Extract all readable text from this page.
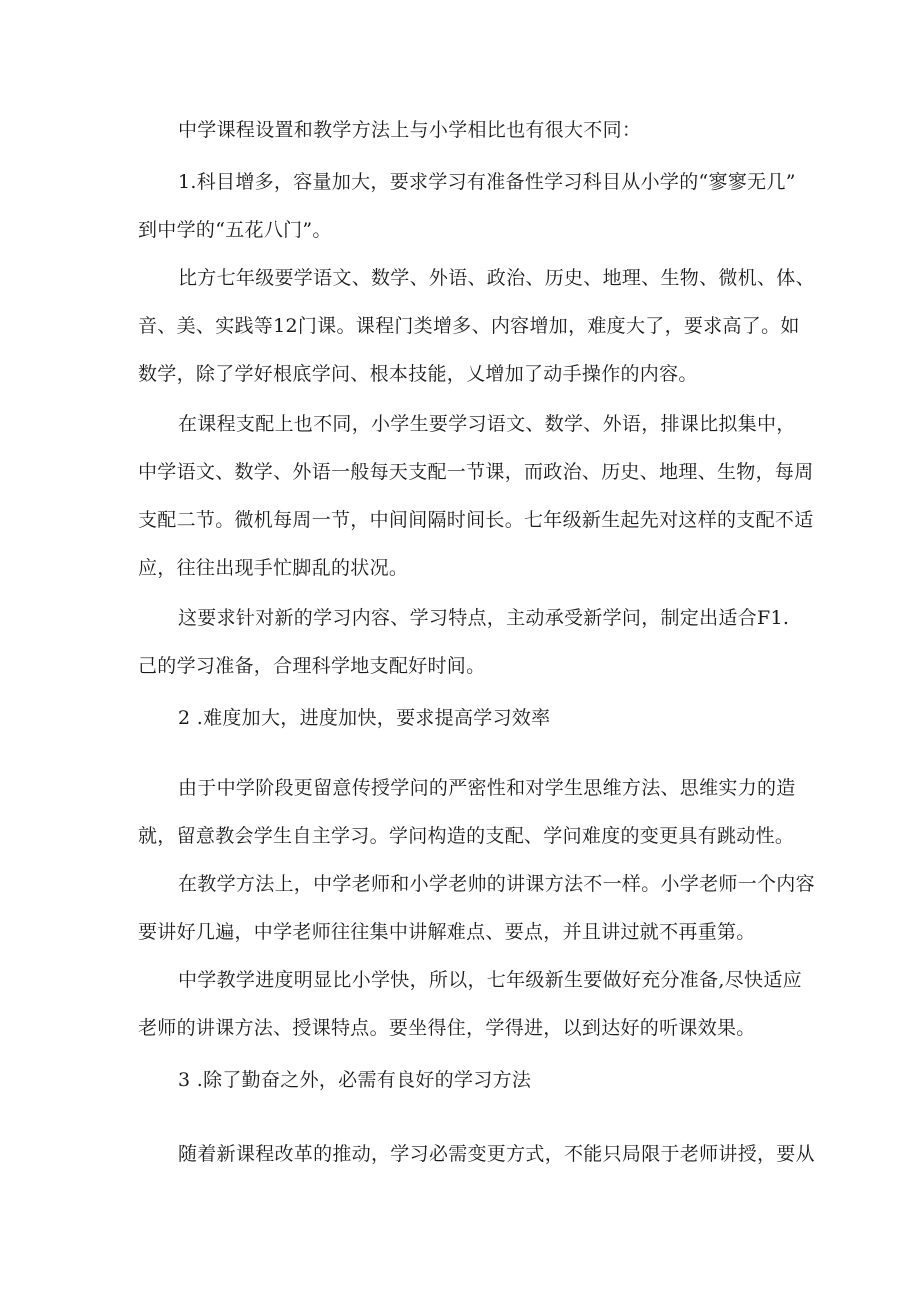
中学课程设置和教学方法上与小学相比也有很大不同：
1.科目增多，容量加大，要求学习有准备性学习科目从小学的“寥寥无几”
到中学的“五花八门”。
比方七年级要学语文、数学、外语、政治、历史、地理、生物、微机、体、
音、美、实践等12门课。课程门类增多、内容增加，难度大了，要求高了。如
数学，除了学好根底学问、根本技能，乂增加了动手操作的内容。
在课程支配上也不同，小学生要学习语文、数学、外语，排课比拟集中，
中学语文、数学、外语一般每天支配一节课，而政治、历史、地理、生物，每周
支配二节。微机每周一节，中间间隔时间长。七年级新生起先对这样的支配不适
应，往往出现手忙脚乱的状况。
这要求针对新的学习内容、学习特点，主动承受新学问，制定出适合F1.
己的学习准备，合理科学地支配好时间。
2 .难度加大，进度加快，要求提高学习效率
由于中学阶段更留意传授学问的严密性和对学生思维方法、思维实力的造
就，留意教会学生自主学习。学问构造的支配、学问难度的变更具有跳动性。
在教学方法上，中学老师和小学老帅的讲课方法不一样。小学老师一个内容
要讲好几遍，中学老师往往集中讲解难点、要点，并且讲过就不再重第。
中学教学进度明显比小学快，所以，七年级新生要做好充分准备,尽快适应
老师的讲课方法、授课特点。要坐得住，学得进，以到达好的听课效果。
3 .除了勤奋之外，必需有良好的学习方法
随着新课程改革的推动，学习必需变更方式，不能只局限于老师讲授，要从
